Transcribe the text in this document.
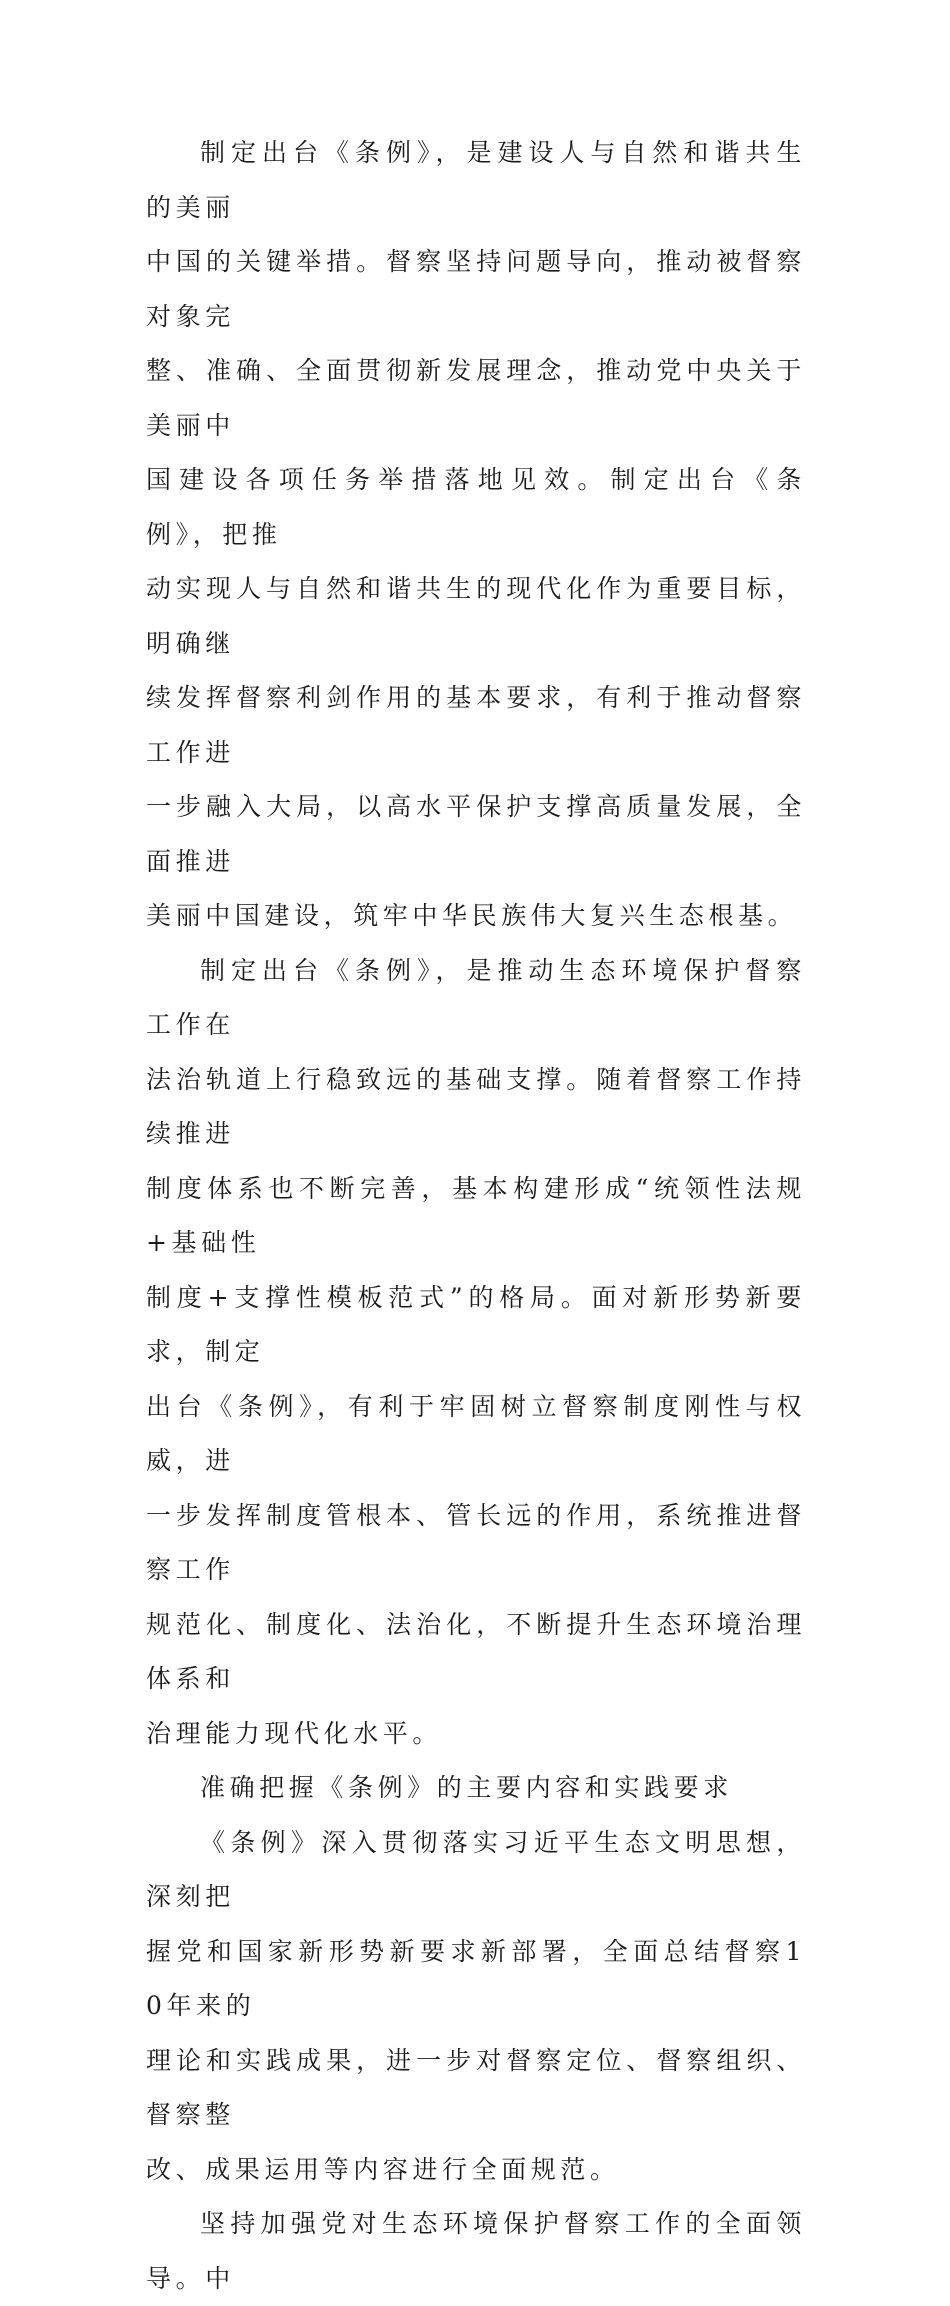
制定出台《条例》，是建设人与自然和谐共生的美丽
中国的关键举措。督察坚持问题导向，推动被督察对象完
整、准确、全面贯彻新发展理念，推动党中央关于美丽中
国建设各项任务举措落地见效。制定出台《条例》，把推
动实现人与自然和谐共生的现代化作为重要目标，明确继
续发挥督察利剑作用的基本要求，有利于推动督察工作进
一步融入大局，以高水平保护支撑高质量发展，全面推进
美丽中国建设，筑牢中华民族伟大复兴生态根基。

制定出台《条例》，是推动生态环境保护督察工作在
法治轨道上行稳致远的基础支撑。随着督察工作持续推进
制度体系也不断完善，基本构建形成“统领性法规+基础性
制度+支撑性模板范式”的格局。面对新形势新要求，制定
出台《条例》，有利于牢固树立督察制度刚性与权威，进
一步发挥制度管根本、管长远的作用，系统推进督察工作
规范化、制度化、法治化，不断提升生态环境治理体系和
治理能力现代化水平。

准确把握《条例》的主要内容和实践要求

《条例》深入贯彻落实习近平生态文明思想，深刻把
握党和国家新形势新要求新部署，全面总结督察10年来的
理论和实践成果，进一步对督察定位、督察组织、督察整
改、成果运用等内容进行全面规范。

坚持加强党对生态环境保护督察工作的全面领导。中
